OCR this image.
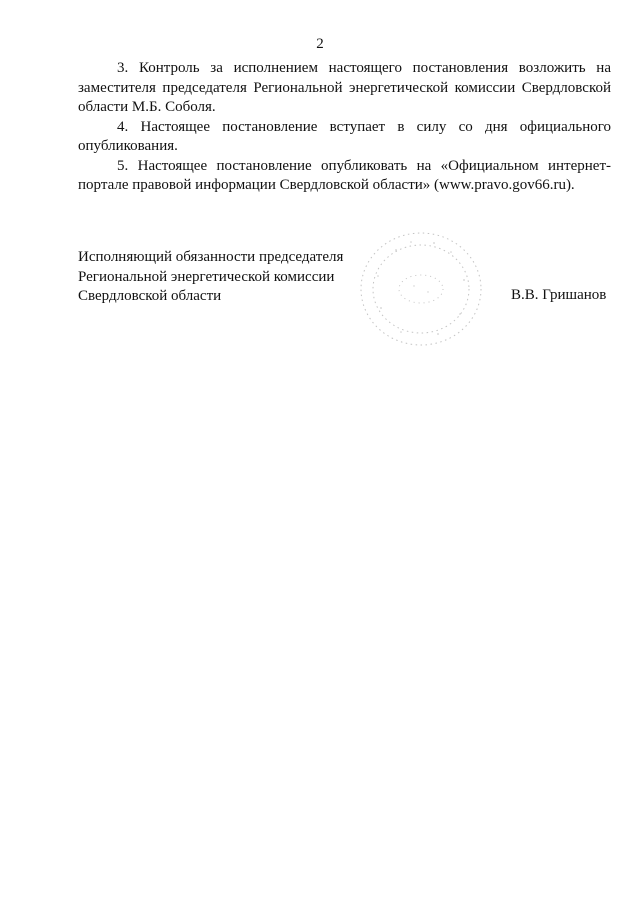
2

3. Контроль за исполнением настоящего постановления возложить на заместителя председателя Региональной энергетической комиссии Свердловской области М.Б. Соболя.

4. Настоящее постановление вступает в силу со дня официального опубликования.

5. Настоящее постановление опубликовать на «Официальном интернет-портале правовой информации Свердловской области» (www.pravo.gov66.ru).

Исполняющий обязанности председателя
Региональной энергетической комиссии
Свердловской области	В.В. Гришанов
